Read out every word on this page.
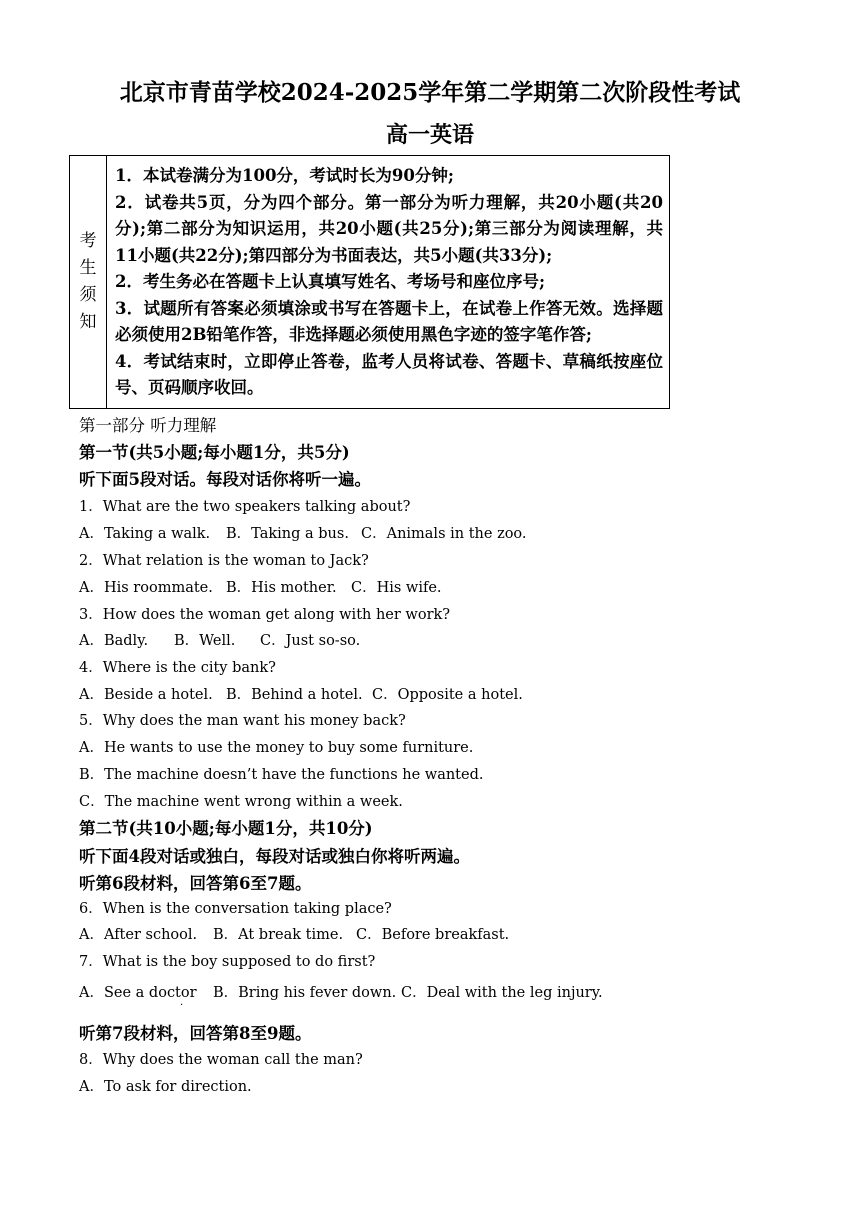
北京市青苗学校2024-2025学年第二学期第二次阶段性考试
高一英语
考
生
须
知

1．本试卷满分为100分，考试时长为90分钟;

2．试卷共5页，分为四个部分。第一部分为听力理解，共20小题(共20分);第二部分为知识运用，共20小题(共25分);第三部分为阅读理解，共11小题(共22分);第四部分为书面表达，共5小题(共33分);

2．考生务必在答题卡上认真填写姓名、考场号和座位序号;

3．试题所有答案必须填涂或书写在答题卡上，在试卷上作答无效。选择题必须使用2B铅笔作答，非选择题必须使用黑色字迹的签字笔作答;

4．考试结束时，立即停止答卷，监考人员将试卷、答题卡、草稿纸按座位号、页码顺序收回。

第一部分 听力理解
第一节(共5小题;每小题1分，共5分)
听下面5段对话。每段对话你将听一遍。
1．What are the two speakers talking about?
A．Taking a walk. B．Taking a bus. C．Animals in the zoo.
2．What relation is the woman to Jack?
A．His roommate. B．His mother. C．His wife.
3．How does the woman get along with her work?
A．Badly. B．Well. C．Just so-so.
4．Where is the city bank?
A．Beside a hotel. B．Behind a hotel. C．Opposite a hotel.
5．Why does the man want his money back?
A．He wants to use the money to buy some furniture.
B．The machine doesn’t have the functions he wanted.
C．The machine went wrong within a week.
第二节(共10小题;每小题1分，共10分)
听下面4段对话或独白，每段对话或独白你将听两遍。
听第6段材料，回答第6至7题。
6．When is the conversation taking place?
A．After school. B．At break time. C．Before breakfast.
7．What is the boy supposed to do first?
A．See a doctor B．Bring his fever down. C．Deal with the leg injury.
·
听第7段材料，回答第8至9题。
8．Why does the woman call the man?
A．To ask for direction.
